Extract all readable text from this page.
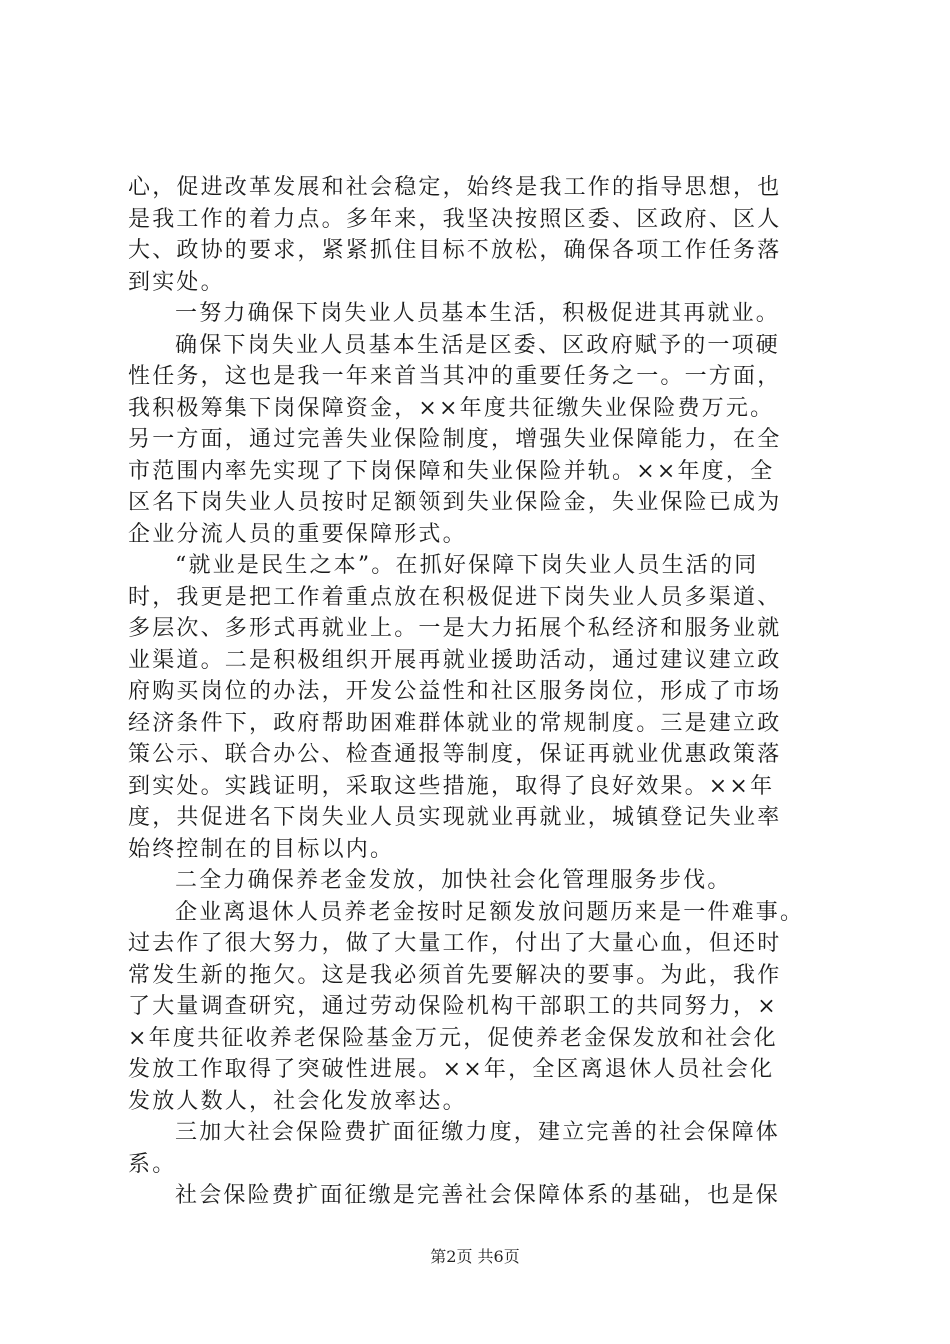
心，促进改革发展和社会稳定，始终是我工作的指导思想，也
是我工作的着力点。多年来，我坚决按照区委、区政府、区人
大、政协的要求，紧紧抓住目标不放松，确保各项工作任务落
到实处。
一努力确保下岗失业人员基本生活，积极促进其再就业。
确保下岗失业人员基本生活是区委、区政府赋予的一项硬
性任务，这也是我一年来首当其冲的重要任务之一。一方面，
我积极筹集下岗保障资金，××年度共征缴失业保险费万元。
另一方面，通过完善失业保险制度，增强失业保障能力，在全
市范围内率先实现了下岗保障和失业保险并轨。××年度，全
区名下岗失业人员按时足额领到失业保险金，失业保险已成为
企业分流人员的重要保障形式。
“就业是民生之本”。在抓好保障下岗失业人员生活的同
时，我更是把工作着重点放在积极促进下岗失业人员多渠道、
多层次、多形式再就业上。一是大力拓展个私经济和服务业就
业渠道。二是积极组织开展再就业援助活动，通过建议建立政
府购买岗位的办法，开发公益性和社区服务岗位，形成了市场
经济条件下，政府帮助困难群体就业的常规制度。三是建立政
策公示、联合办公、检查通报等制度，保证再就业优惠政策落
到实处。实践证明，采取这些措施，取得了良好效果。××年
度，共促进名下岗失业人员实现就业再就业，城镇登记失业率
始终控制在的目标以内。
二全力确保养老金发放，加快社会化管理服务步伐。
企业离退休人员养老金按时足额发放问题历来是一件难事。
过去作了很大努力，做了大量工作，付出了大量心血，但还时
常发生新的拖欠。这是我必须首先要解决的要事。为此，我作
了大量调查研究，通过劳动保险机构干部职工的共同努力，×
×年度共征收养老保险基金万元，促使养老金保发放和社会化
发放工作取得了突破性进展。××年，全区离退休人员社会化
发放人数人，社会化发放率达。
三加大社会保险费扩面征缴力度，建立完善的社会保障体
系。
社会保险费扩面征缴是完善社会保障体系的基础，也是保
第2页 共6页
